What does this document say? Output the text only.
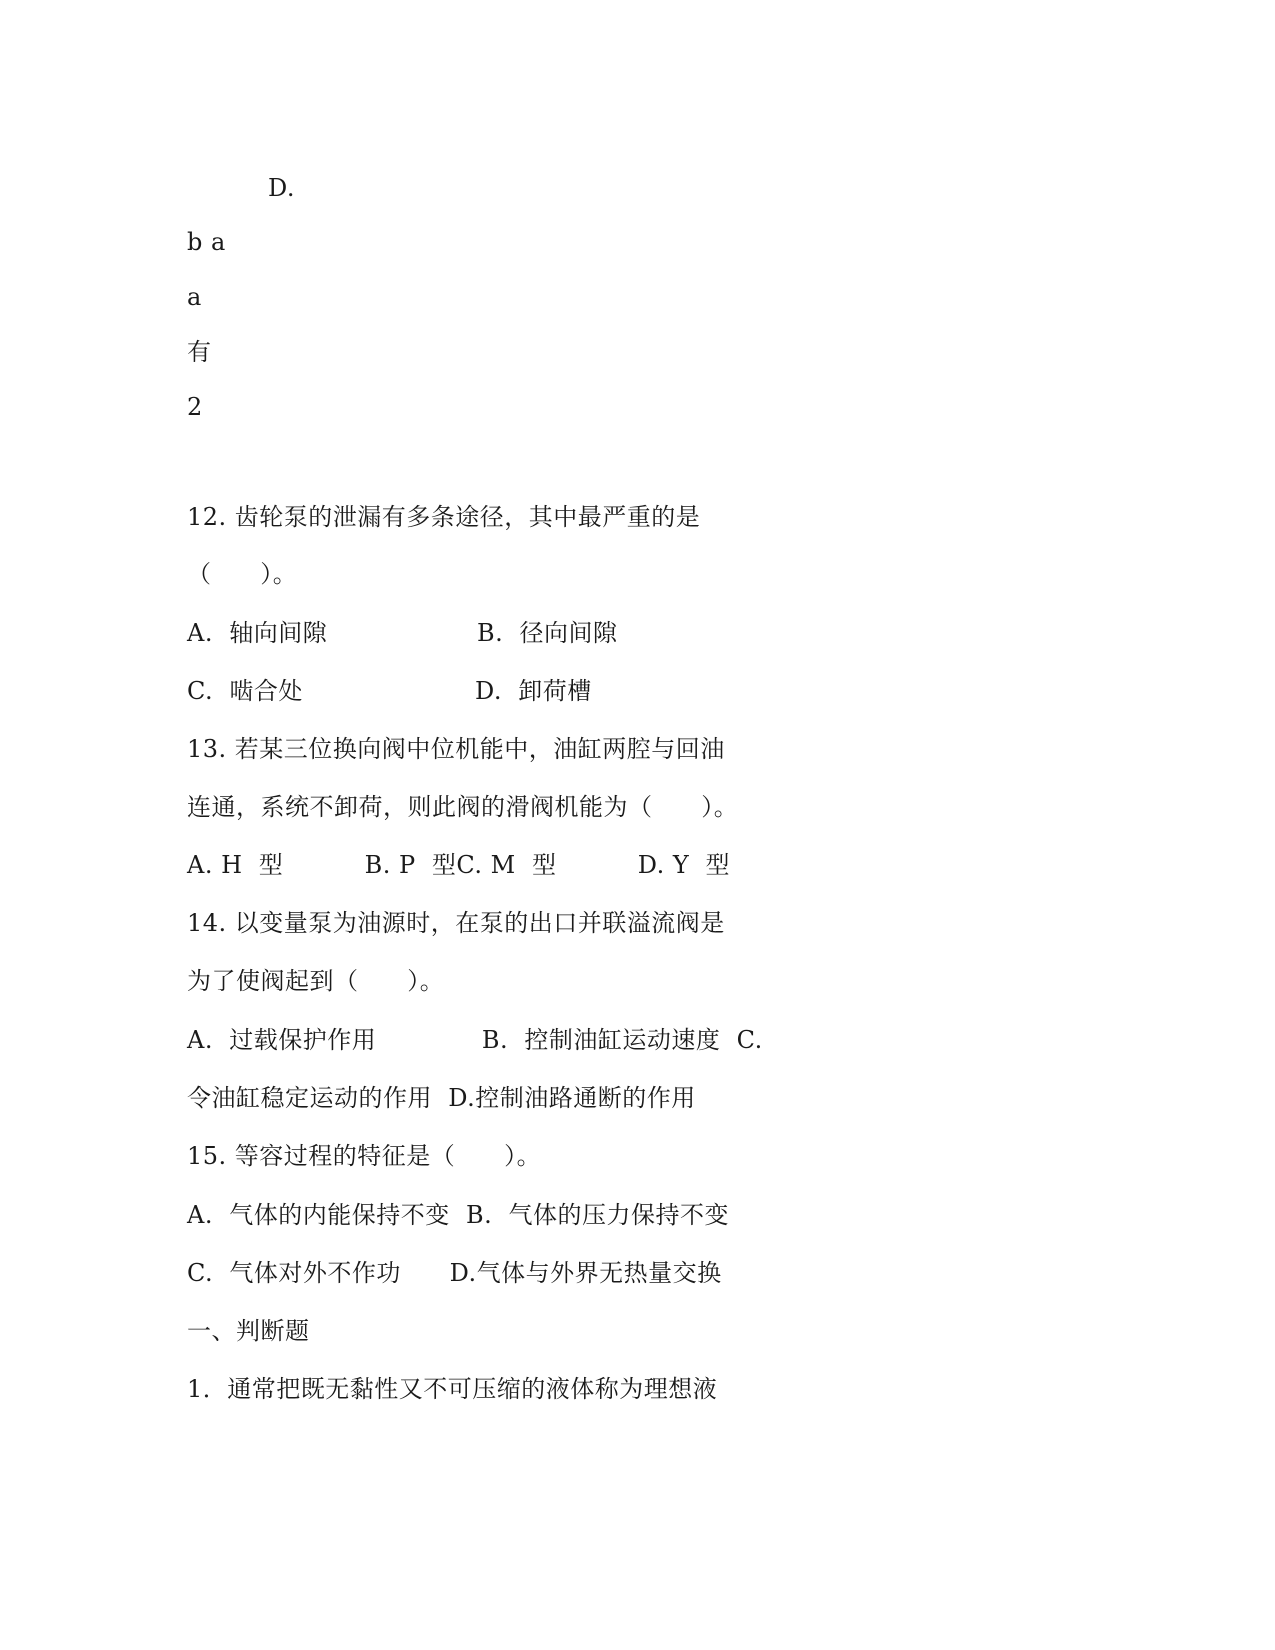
D.
b a
a
有
2
12. 齿轮泵的泄漏有多条途径，其中最严重的是
（      ）。
A.  轴向间隙	B.  径向间隙
C.  啮合处	D.  卸荷槽
13. 若某三位换向阀中位机能中，油缸两腔与回油
连通，系统不卸荷，则此阀的滑阀机能为（      ）。
A. H  型          B. P  型C. M  型          D. Y  型
14. 以变量泵为油源时，在泵的出口并联溢流阀是
为了使阀起到（      ）。
A.  过载保护作用             B.  控制油缸运动速度  C.
令油缸稳定运动的作用  D.控制油路通断的作用
15. 等容过程的特征是（      ）。
A.  气体的内能保持不变  B.  气体的压力保持不变
C.  气体对外不作功      D.气体与外界无热量交换
一、判断题
1．通常把既无黏性又不可压缩的液体称为理想液
